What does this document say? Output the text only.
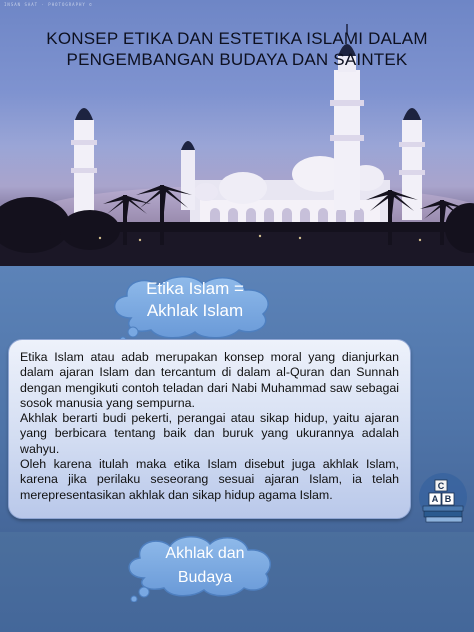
INSAN SAAT · PHOTOGRAPHY ©
KONSEP ETIKA DAN ESTETIKA ISLAMI DALAM
PENGEMBANGAN BUDAYA DAN SAINTEK
Etika Islam =
Akhlak Islam

Etika Islam atau adab merupakan konsep moral yang dianjurkan dalam ajaran Islam dan tercantum di dalam al-Quran dan Sunnah dengan mengikuti contoh teladan dari Nabi Muhammad saw sebagai sosok manusia yang sempurna.

Akhlak berarti budi pekerti, perangai atau sikap hidup, yaitu ajaran yang berbicara tentang baik dan buruk yang ukurannya adalah wahyu.

Oleh karena itulah maka etika Islam disebut juga akhlak Islam, karena jika perilaku seseorang sesuai ajaran Islam, ia telah merepresentasikan akhlak dan sikap hidup agama Islam.

C
A B
Akhlak dan
Budaya
